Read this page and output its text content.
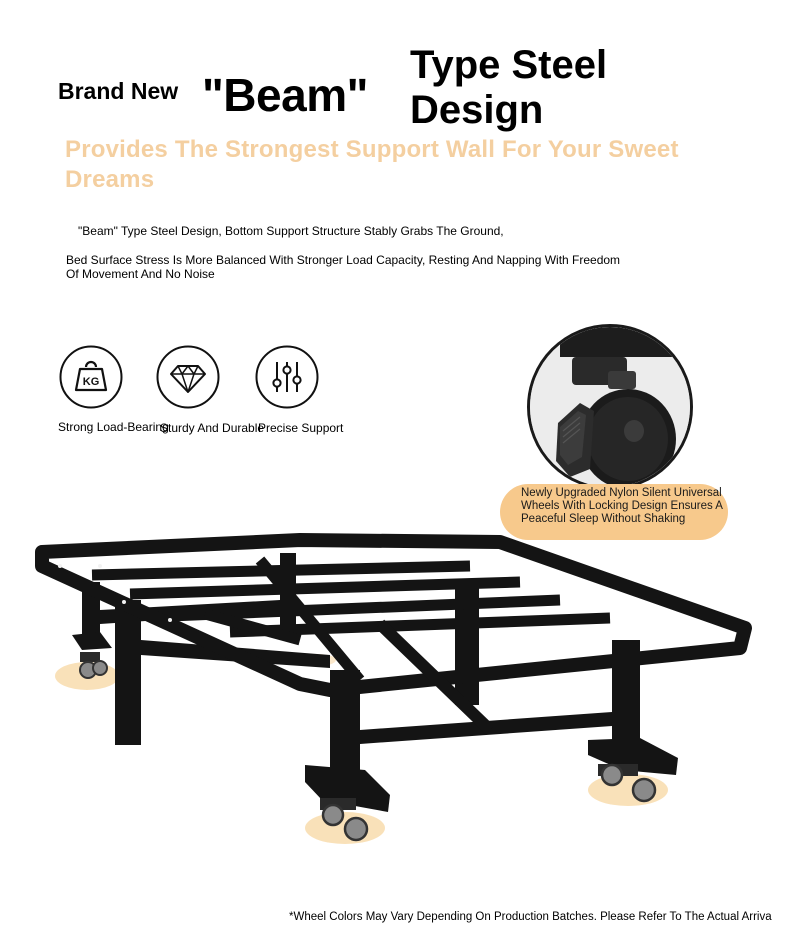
Brand New "Beam"
Type Steel Design
Provides The Strongest Support Wall For Your Sweet Dreams
"Beam" Type Steel Design, Bottom Support Structure Stably Grabs The Ground,
Bed Surface Stress Is More Balanced With Stronger Load Capacity, Resting And Napping With Freedom Of Movement And No Noise
KG
Strong Load-Bearing
Sturdy And Durable
Precise Support
Newly Upgraded Nylon Silent Universal Wheels With Locking Design Ensures A Peaceful Sleep Without Shaking
*Wheel Colors May Vary Depending On Production Batches. Please Refer To The Actual Arriva
